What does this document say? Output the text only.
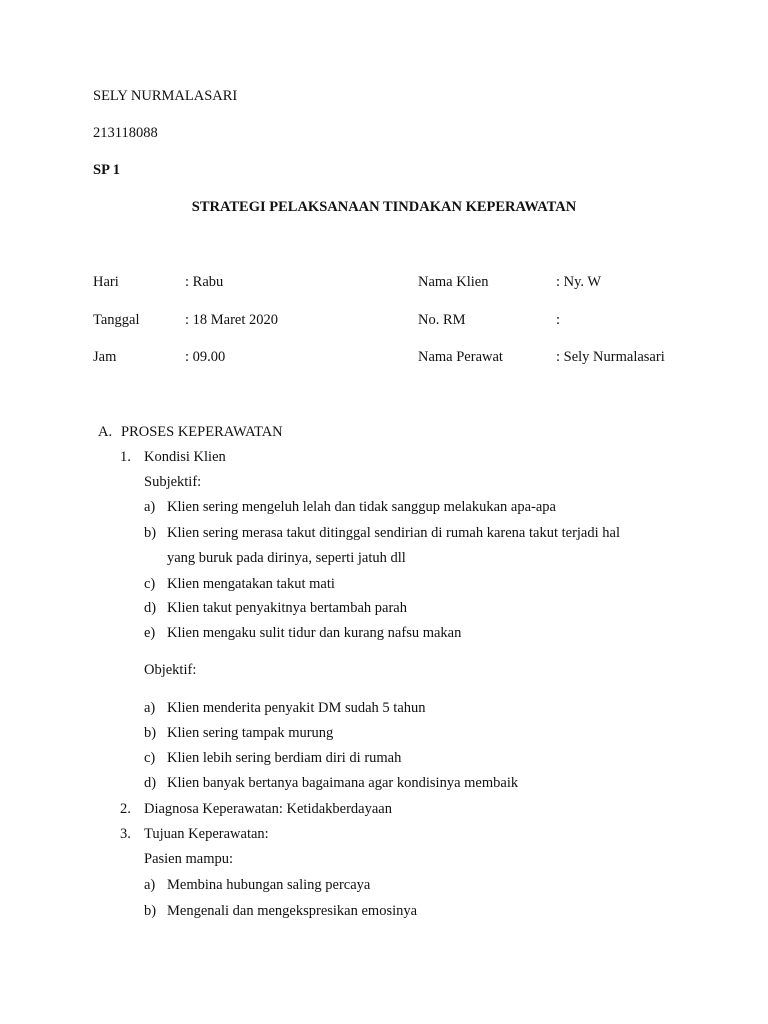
SELY NURMALASARI
213118088
SP 1
STRATEGI PELAKSANAAN TINDAKAN KEPERAWATAN
Hari	: Rabu
Tanggal	: 18 Maret 2020
Jam	: 09.00
Nama Klien	: Ny. W
No. RM	:
Nama Perawat	: Sely Nurmalasari
A. PROSES KEPERAWATAN
1. Kondisi Klien
Subjektif:
a) Klien sering mengeluh lelah dan tidak sanggup melakukan apa-apa
b) Klien sering merasa takut ditinggal sendirian di rumah karena takut terjadi hal
yang buruk pada dirinya, seperti jatuh dll
c) Klien mengatakan takut mati
d) Klien takut penyakitnya bertambah parah
e) Klien mengaku sulit tidur dan kurang nafsu makan
Objektif:
a) Klien menderita penyakit DM sudah 5 tahun
b) Klien sering tampak murung
c) Klien lebih sering berdiam diri di rumah
d) Klien banyak bertanya bagaimana agar kondisinya membaik
2. Diagnosa Keperawatan: Ketidakberdayaan
3. Tujuan Keperawatan:
Pasien mampu:
a) Membina hubungan saling percaya
b) Mengenali dan mengekspresikan emosinya
